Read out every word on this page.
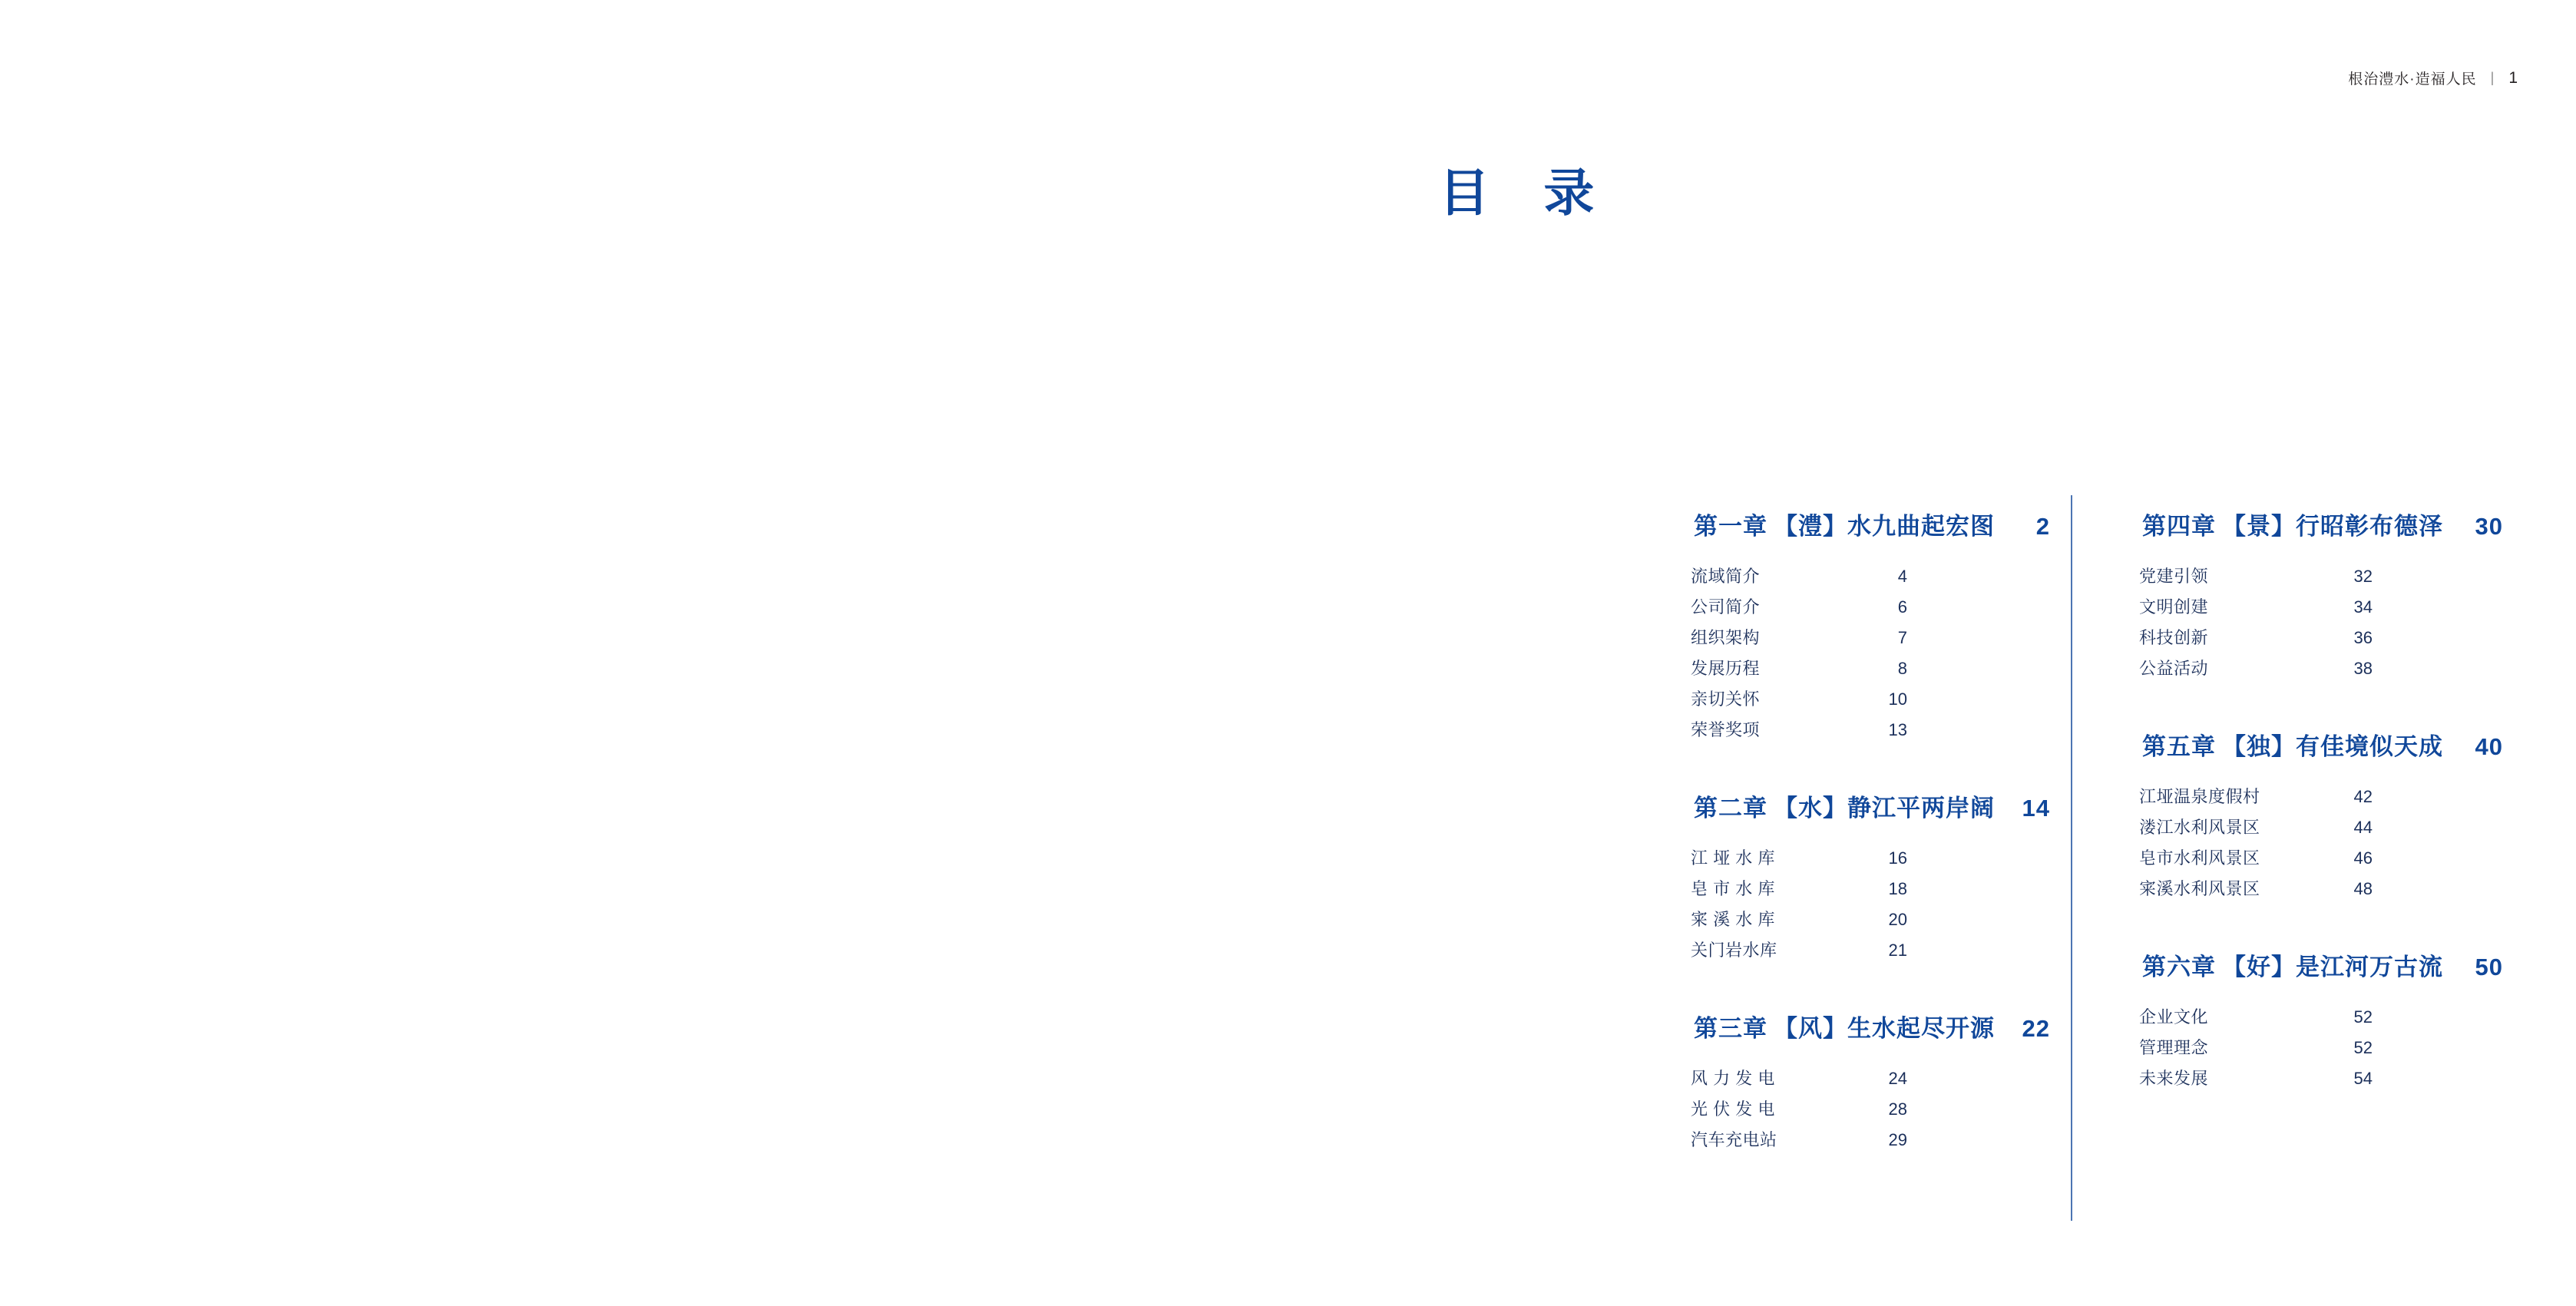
根治澧水·造福人民 | 1
目 录
第一章 【澧】水九曲起宏图	2
流域简介	4
公司简介	6
组织架构	7
发展历程	8
亲切关怀	10
荣誉奖项	13
第二章 【水】静江平两岸阔	14
江 垭 水 库	16
皂 市 水 库	18
宷 溪 水 库	20
关门岩水库	21
第三章 【风】生水起尽开源	22
风 力 发 电	24
光 伏 发 电	28
汽车充电站	29
第四章 【景】行昭彰布德泽	30
党建引领	32
文明创建	34
科技创新	36
公益活动	38
第五章 【独】有佳境似天成	40
江垭温泉度假村	42
溇江水利风景区	44
皂市水利风景区	46
宷溪水利风景区	48
第六章 【好】是江河万古流	50
企业文化	52
管理理念	52
未来发展	54
